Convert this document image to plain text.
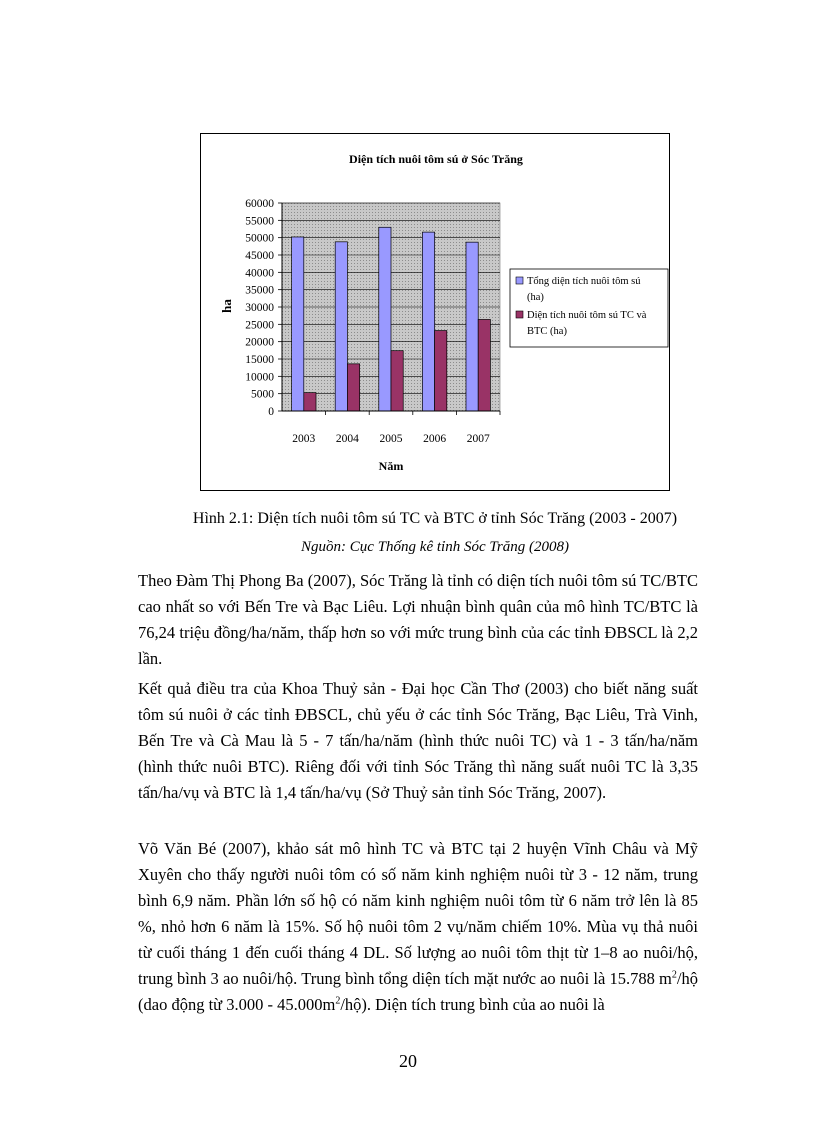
Diện tích nuôi tôm sú ở Sóc Trăng
0
5000
10000
15000
20000
25000
30000
35000
40000
45000
50000
55000
60000
2003 2004 2005 2006 2007
ha
Năm
Tổng diện tích nuôi tôm sú
(ha)
Diện tích nuôi tôm sú TC và
BTC (ha)
Hình 2.1: Diện tích nuôi tôm sú TC và BTC ở tỉnh Sóc Trăng (2003 - 2007)
Nguồn: Cục Thống kê tỉnh Sóc Trăng (2008)

Theo Đàm Thị Phong Ba (2007), Sóc Trăng là tỉnh có diện tích nuôi tôm sú TC/BTC cao nhất so với Bến Tre và Bạc Liêu. Lợi nhuận bình quân của mô hình TC/BTC là 76,24 triệu đồng/ha/năm, thấp hơn so với mức trung bình của các tỉnh ĐBSCL là 2,2 lần.

Kết quả điều tra của Khoa Thuỷ sản - Đại học Cần Thơ (2003) cho biết năng suất tôm sú nuôi ở các tỉnh ĐBSCL, chủ yếu ở các tỉnh Sóc Trăng, Bạc Liêu, Trà Vinh, Bến Tre và Cà Mau là 5 - 7 tấn/ha/năm (hình thức nuôi TC) và 1 - 3 tấn/ha/năm (hình thức nuôi BTC). Riêng đối với tỉnh Sóc Trăng thì năng suất nuôi TC là 3,35 tấn/ha/vụ và BTC là 1,4 tấn/ha/vụ (Sở Thuỷ sản tỉnh Sóc Trăng, 2007).

Võ Văn Bé (2007), khảo sát mô hình TC và BTC tại 2 huyện Vĩnh Châu và Mỹ Xuyên cho thấy người nuôi tôm có số năm kinh nghiệm nuôi từ 3 - 12 năm, trung bình 6,9 năm. Phần lớn số hộ có năm kinh nghiệm nuôi tôm từ 6 năm trở lên là 85 %, nhỏ hơn 6 năm là 15%. Số hộ nuôi tôm 2 vụ/năm chiếm 10%. Mùa vụ thả nuôi từ cuối tháng 1 đến cuối tháng 4 DL. Số lượng ao nuôi tôm thịt từ 1–8 ao nuôi/hộ, trung bình 3 ao nuôi/hộ. Trung bình tổng diện tích mặt nước ao nuôi là 15.788 $m^2/hộ$ (dao động từ $3.000 - 45.000m^2/hộ$). Diện tích trung bình của ao nuôi là

20
